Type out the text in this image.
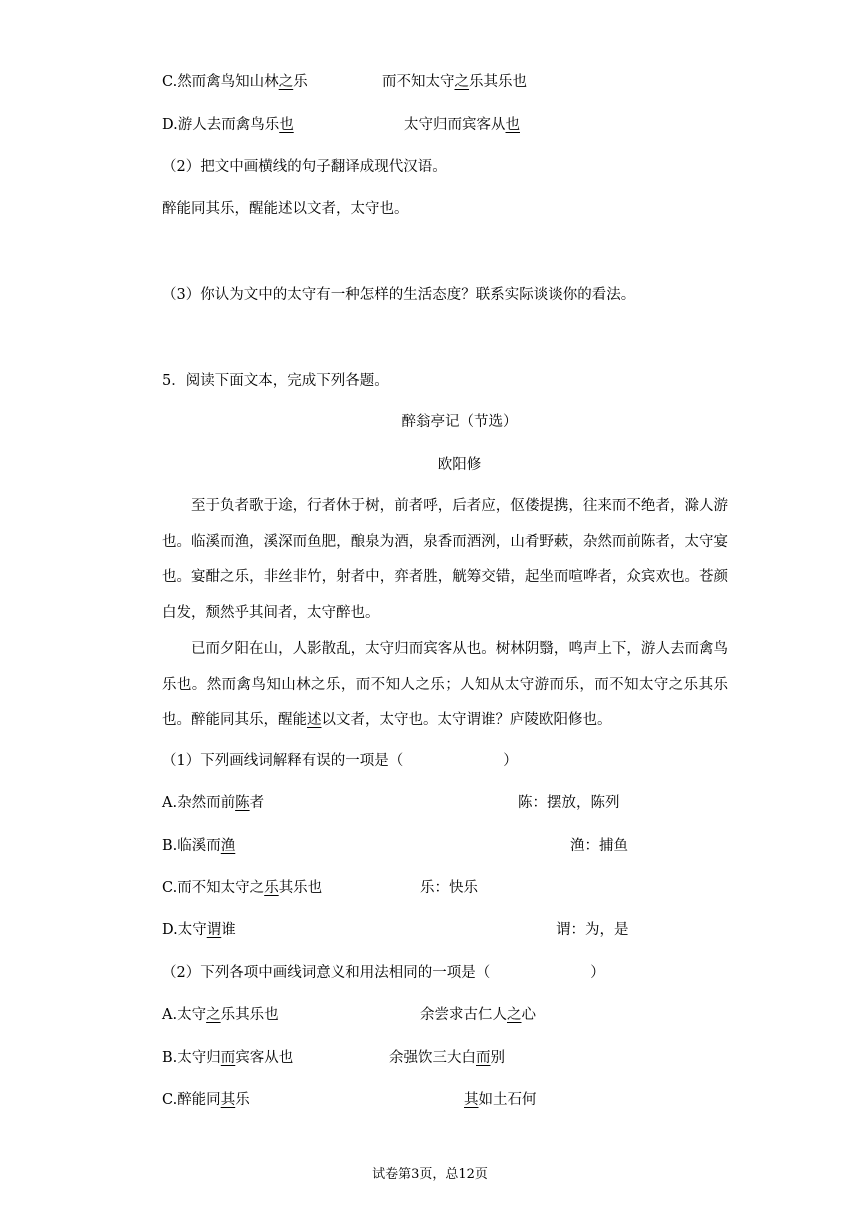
C.然而禽鸟知山林之乐	而不知太守之乐其乐也
D.游人去而禽鸟乐也	太守归而宾客从也
（2）把文中画横线的句子翻译成现代汉语。
醉能同其乐，醒能述以文者，太守也。
（3）你认为文中的太守有一种怎样的生活态度？联系实际谈谈你的看法。
5．阅读下面文本，完成下列各题。
醉翁亭记（节选）
欧阳修

至于负者歌于途，行者休于树，前者呼，后者应，伛偻提携，往来而不绝者，滁人游也。临溪而渔，溪深而鱼肥，酿泉为酒，泉香而酒洌，山肴野蔌，杂然而前陈者，太守宴也。宴酣之乐，非丝非竹，射者中，弈者胜，觥筹交错，起坐而喧哗者，众宾欢也。苍颜白发，颓然乎其间者，太守醉也。

已而夕阳在山，人影散乱，太守归而宾客从也。树林阴翳，鸣声上下，游人去而禽鸟乐也。然而禽鸟知山林之乐，而不知人之乐；人知从太守游而乐，而不知太守之乐其乐也。醉能同其乐，醒能述以文者，太守也。太守谓谁？庐陵欧阳修也。

（1）下列画线词解释有误的一项是（	）
A.杂然而前陈者	陈：摆放，陈列
B.临溪而渔	渔：捕鱼
C.而不知太守之乐其乐也	乐：快乐
D.太守谓谁	谓：为，是
（2）下列各项中画线词意义和用法相同的一项是（	）
A.太守之乐其乐也	余尝求古仁人之心
B.太守归而宾客从也	余强饮三大白而别
C.醉能同其乐	其如土石何
试卷第3页，总12页
